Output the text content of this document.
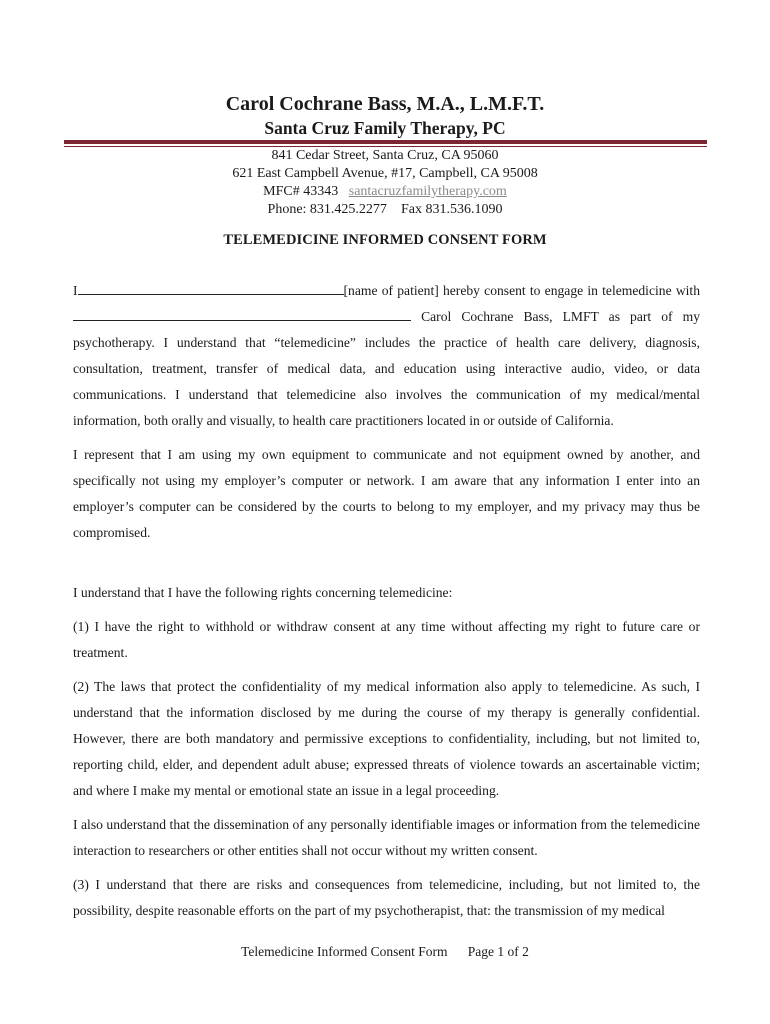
Carol Cochrane Bass, M.A., L.M.F.T.
Santa Cruz Family Therapy, PC
841 Cedar Street, Santa Cruz, CA 95060
621 East Campbell Avenue, #17, Campbell, CA 95008
MFC# 43343 santacruzfamilytherapy.com
Phone: 831.425.2277 Fax 831.536.1090
TELEMEDICINE INFORMED CONSENT FORM

I	[name of patient] hereby consent to engage in telemedicine with Carol Cochrane Bass, LMFT as part of my psychotherapy. I understand that “telemedicine” includes the practice of health care delivery, diagnosis, consultation, treatment, transfer of medical data, and education using interactive audio, video, or data communications. I understand that telemedicine also involves the communication of my medical/mental information, both orally and visually, to health care practitioners located in or outside of California.

I represent that I am using my own equipment to communicate and not equipment owned by another, and specifically not using my employer’s computer or network. I am aware that any information I enter into an employer’s computer can be considered by the courts to belong to my employer, and my privacy may thus be compromised.

I understand that I have the following rights concerning telemedicine:

(1) I have the right to withhold or withdraw consent at any time without affecting my right to future care or treatment.

(2) The laws that protect the confidentiality of my medical information also apply to telemedicine. As such, I understand that the information disclosed by me during the course of my therapy is generally confidential. However, there are both mandatory and permissive exceptions to confidentiality, including, but not limited to, reporting child, elder, and dependent adult abuse; expressed threats of violence towards an ascertainable victim; and where I make my mental or emotional state an issue in a legal proceeding.

I also understand that the dissemination of any personally identifiable images or information from the telemedicine interaction to researchers or other entities shall not occur without my written consent.

(3) I understand that there are risks and consequences from telemedicine, including, but not limited to, the possibility, despite reasonable efforts on the part of my psychotherapist, that: the transmission of my medical

Telemedicine Informed Consent Form Page 1 of 2
